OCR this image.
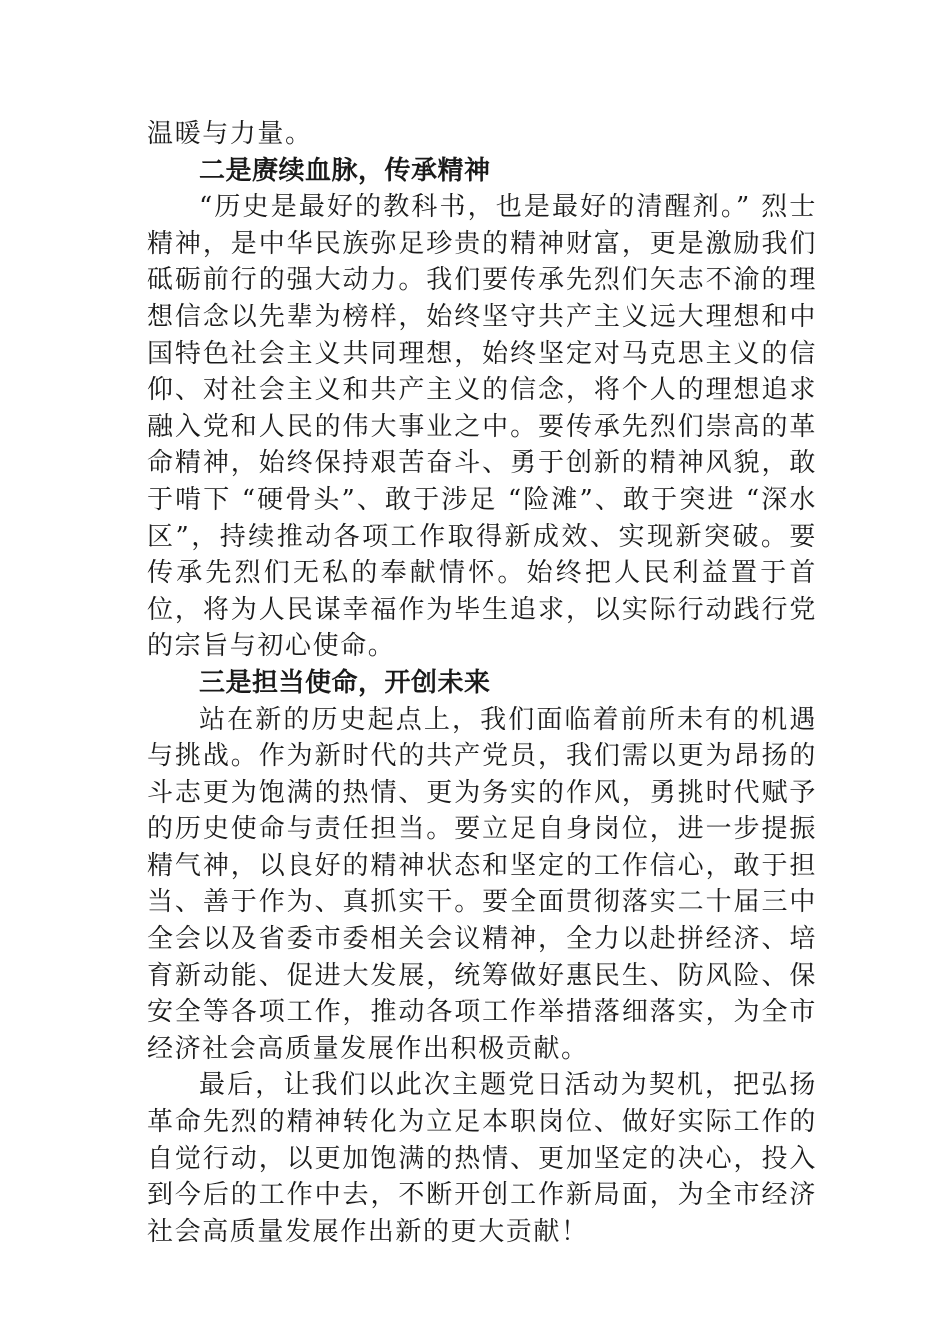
温暖与力量。

二是赓续血脉，传承精神

“历史是最好的教科书，也是最好的清醒剂。” 烈士精神，是中华民族弥足珍贵的精神财富，更是激励我们砥砺前行的强大动力。我们要传承先烈们矢志不渝的理想信念以先辈为榜样，始终坚守共产主义远大理想和中国特色社会主义共同理想，始终坚定对马克思主义的信仰、对社会主义和共产主义的信念，将个人的理想追求融入党和人民的伟大事业之中。要传承先烈们崇高的革命精神，始终保持艰苦奋斗、勇于创新的精神风貌，敢于啃下 “硬骨头”、敢于涉足 “险滩”、敢于突进 “深水区”，持续推动各项工作取得新成效、实现新突破。要传承先烈们无私的奉献情怀。始终把人民利益置于首位，将为人民谋幸福作为毕生追求，以实际行动践行党的宗旨与初心使命。

三是担当使命，开创未来

站在新的历史起点上，我们面临着前所未有的机遇与挑战。作为新时代的共产党员，我们需以更为昂扬的斗志更为饱满的热情、更为务实的作风，勇挑时代赋予的历史使命与责任担当。要立足自身岗位，进一步提振精气神，以良好的精神状态和坚定的工作信心，敢于担当、善于作为、真抓实干。要全面贯彻落实二十届三中全会以及省委市委相关会议精神，全力以赴拼经济、培育新动能、促进大发展，统筹做好惠民生、防风险、保安全等各项工作，推动各项工作举措落细落实，为全市经济社会高质量发展作出积极贡献。

最后，让我们以此次主题党日活动为契机，把弘扬革命先烈的精神转化为立足本职岗位、做好实际工作的自觉行动，以更加饱满的热情、更加坚定的决心，投入到今后的工作中去，不断开创工作新局面，为全市经济社会高质量发展作出新的更大贡献！
